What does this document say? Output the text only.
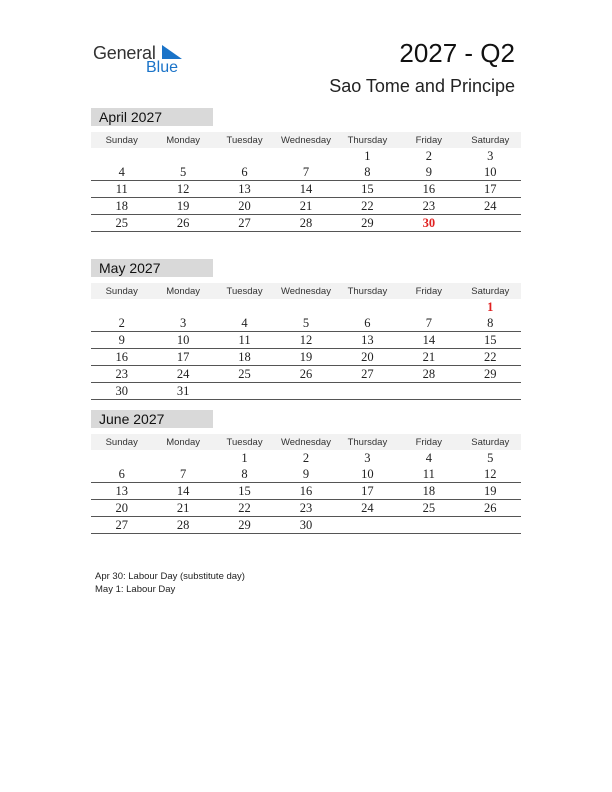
General
Blue	2027 - Q2
Sao Tome and Principe
April 2027
Sunday	Monday	Tuesday	Wednesday	Thursday	Friday	Saturday
				1	2	3
4	5	6	7	8	9	10
11	12	13	14	15	16	17
18	19	20	21	22	23	24
25	26	27	28	29	30	
May 2027
Sunday	Monday	Tuesday	Wednesday	Thursday	Friday	Saturday
						1
2	3	4	5	6	7	8
9	10	11	12	13	14	15
16	17	18	19	20	21	22
23	24	25	26	27	28	29
30	31					
June 2027
Sunday	Monday	Tuesday	Wednesday	Thursday	Friday	Saturday
		1	2	3	4	5
6	7	8	9	10	11	12
13	14	15	16	17	18	19
20	21	22	23	24	25	26
27	28	29	30			
Apr 30: Labour Day (substitute day)
May 1: Labour Day
